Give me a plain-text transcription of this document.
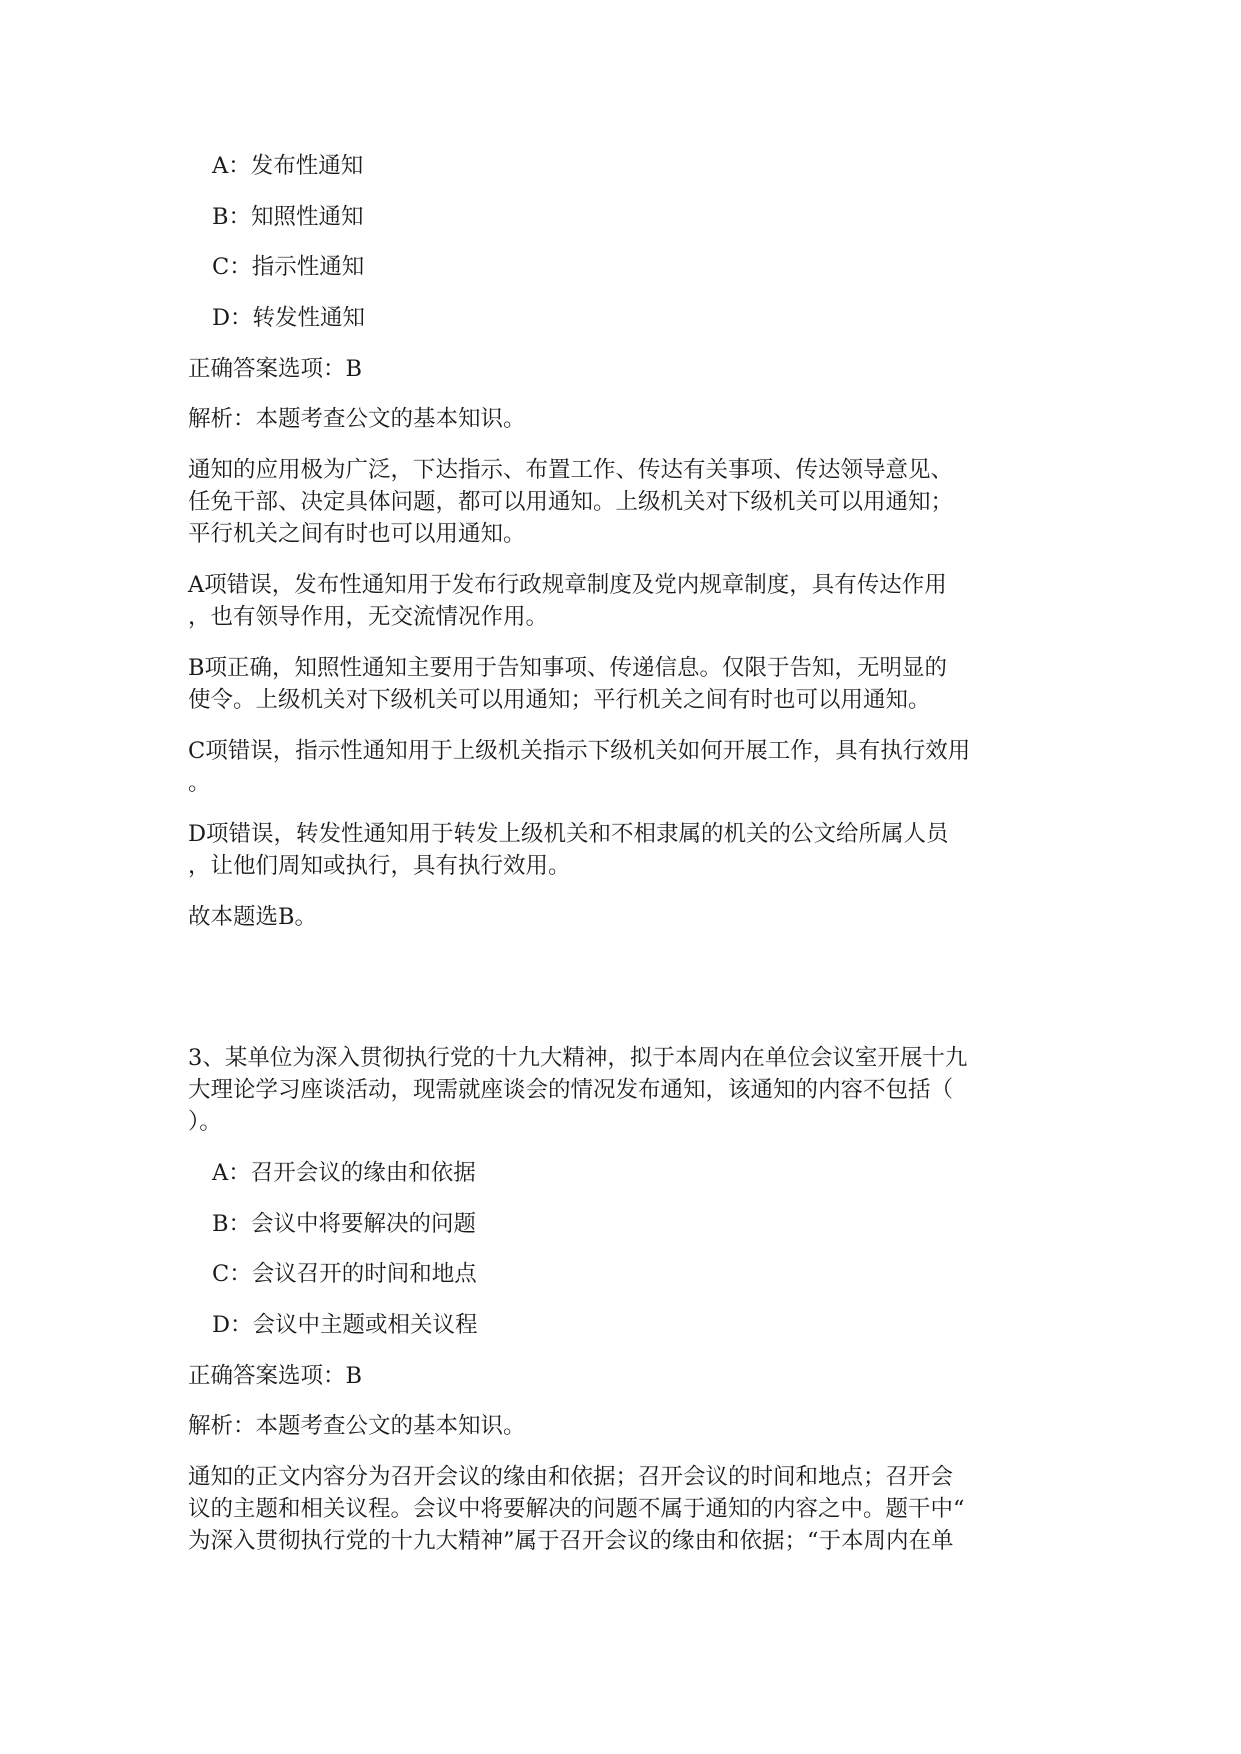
A：发布性通知
B：知照性通知
C：指示性通知
D：转发性通知
正确答案选项：B
解析：本题考查公文的基本知识。
通知的应用极为广泛，下达指示、布置工作、传达有关事项、传达领导意见、
任免干部、决定具体问题，都可以用通知。上级机关对下级机关可以用通知；
平行机关之间有时也可以用通知。
A项错误，发布性通知用于发布行政规章制度及党内规章制度，具有传达作用
，也有领导作用，无交流情况作用。
B项正确，知照性通知主要用于告知事项、传递信息。仅限于告知，无明显的
使令。上级机关对下级机关可以用通知；平行机关之间有时也可以用通知。
C项错误，指示性通知用于上级机关指示下级机关如何开展工作，具有执行效用
。
D项错误，转发性通知用于转发上级机关和不相隶属的机关的公文给所属人员
，让他们周知或执行，具有执行效用。
故本题选B。
3、某单位为深入贯彻执行党的十九大精神，拟于本周内在单位会议室开展十九
大理论学习座谈活动，现需就座谈会的情况发布通知，该通知的内容不包括（
）。
A：召开会议的缘由和依据
B：会议中将要解决的问题
C：会议召开的时间和地点
D：会议中主题或相关议程
正确答案选项：B
解析：本题考查公文的基本知识。
通知的正文内容分为召开会议的缘由和依据；召开会议的时间和地点；召开会
议的主题和相关议程。会议中将要解决的问题不属于通知的内容之中。题干中“
为深入贯彻执行党的十九大精神”属于召开会议的缘由和依据；“于本周内在单
